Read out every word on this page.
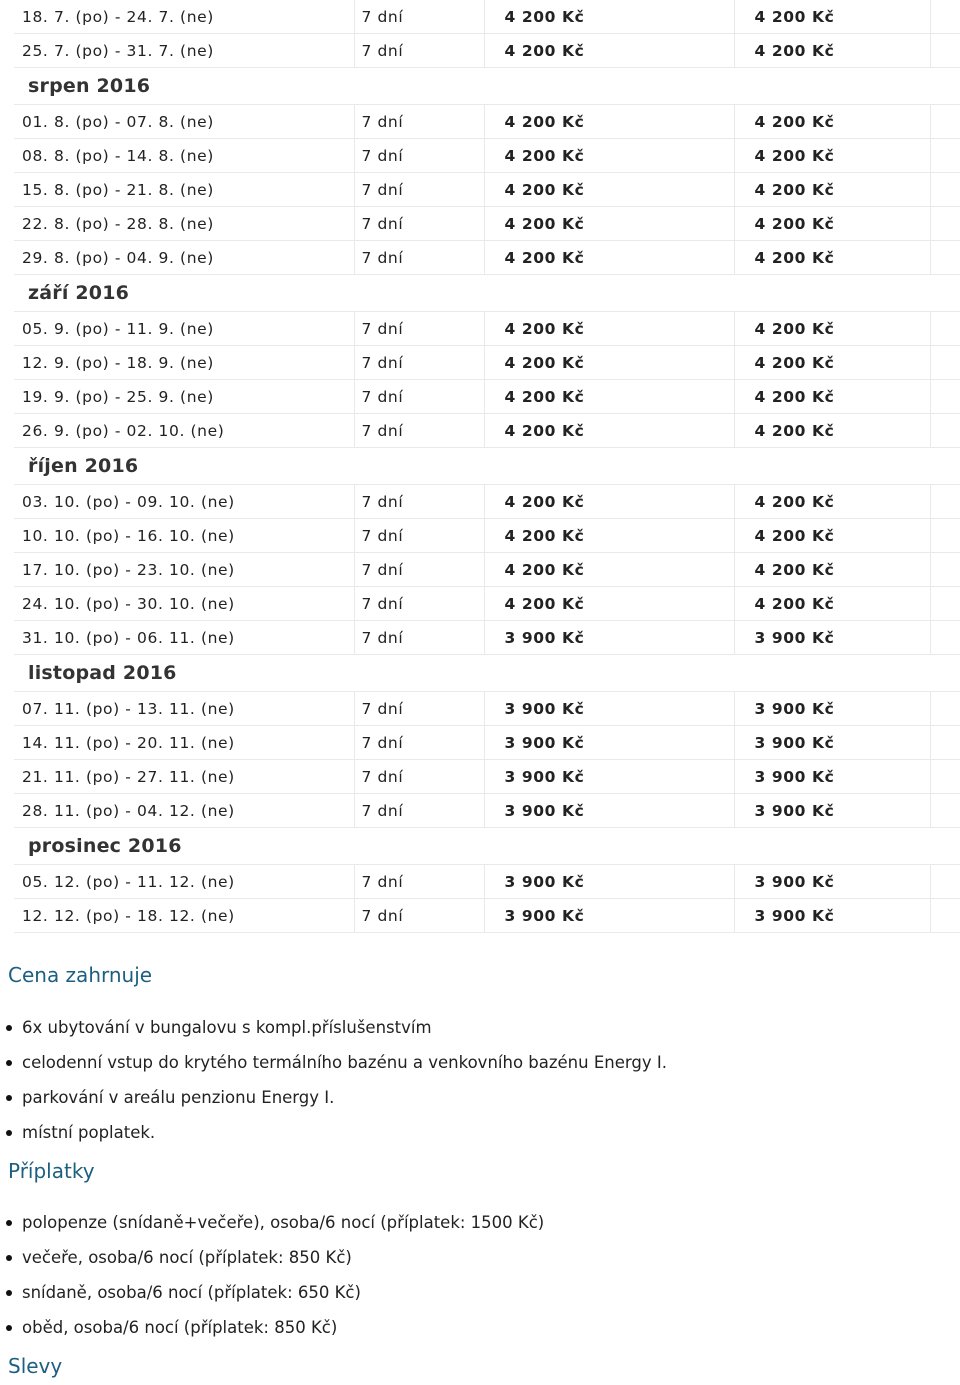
18. 7. (po) - 24. 7. (ne)	7 dní	4 200 Kč	4 200 Kč	
25. 7. (po) - 31. 7. (ne)	7 dní	4 200 Kč	4 200 Kč	
srpen 2016				
01. 8. (po) - 07. 8. (ne)	7 dní	4 200 Kč	4 200 Kč	
08. 8. (po) - 14. 8. (ne)	7 dní	4 200 Kč	4 200 Kč	
15. 8. (po) - 21. 8. (ne)	7 dní	4 200 Kč	4 200 Kč	
22. 8. (po) - 28. 8. (ne)	7 dní	4 200 Kč	4 200 Kč	
29. 8. (po) - 04. 9. (ne)	7 dní	4 200 Kč	4 200 Kč	
září 2016				
05. 9. (po) - 11. 9. (ne)	7 dní	4 200 Kč	4 200 Kč	
12. 9. (po) - 18. 9. (ne)	7 dní	4 200 Kč	4 200 Kč	
19. 9. (po) - 25. 9. (ne)	7 dní	4 200 Kč	4 200 Kč	
26. 9. (po) - 02. 10. (ne)	7 dní	4 200 Kč	4 200 Kč	
říjen 2016				
03. 10. (po) - 09. 10. (ne)	7 dní	4 200 Kč	4 200 Kč	
10. 10. (po) - 16. 10. (ne)	7 dní	4 200 Kč	4 200 Kč	
17. 10. (po) - 23. 10. (ne)	7 dní	4 200 Kč	4 200 Kč	
24. 10. (po) - 30. 10. (ne)	7 dní	4 200 Kč	4 200 Kč	
31. 10. (po) - 06. 11. (ne)	7 dní	3 900 Kč	3 900 Kč	
listopad 2016				
07. 11. (po) - 13. 11. (ne)	7 dní	3 900 Kč	3 900 Kč	
14. 11. (po) - 20. 11. (ne)	7 dní	3 900 Kč	3 900 Kč	
21. 11. (po) - 27. 11. (ne)	7 dní	3 900 Kč	3 900 Kč	
28. 11. (po) - 04. 12. (ne)	7 dní	3 900 Kč	3 900 Kč	
prosinec 2016				
05. 12. (po) - 11. 12. (ne)	7 dní	3 900 Kč	3 900 Kč	
12. 12. (po) - 18. 12. (ne)	7 dní	3 900 Kč	3 900 Kč	
Cena zahrnuje
6x ubytování v bungalovu s kompl.příslušenstvím
celodenní vstup do krytého termálního bazénu a venkovního bazénu Energy I.
parkování v areálu penzionu Energy I.
místní poplatek.
Příplatky
polopenze (snídaně+večeře), osoba/6 nocí (příplatek: 1500 Kč)
večeře, osoba/6 nocí (příplatek: 850 Kč)
snídaně, osoba/6 nocí (příplatek: 650 Kč)
oběd, osoba/6 nocí (příplatek: 850 Kč)
Slevy
